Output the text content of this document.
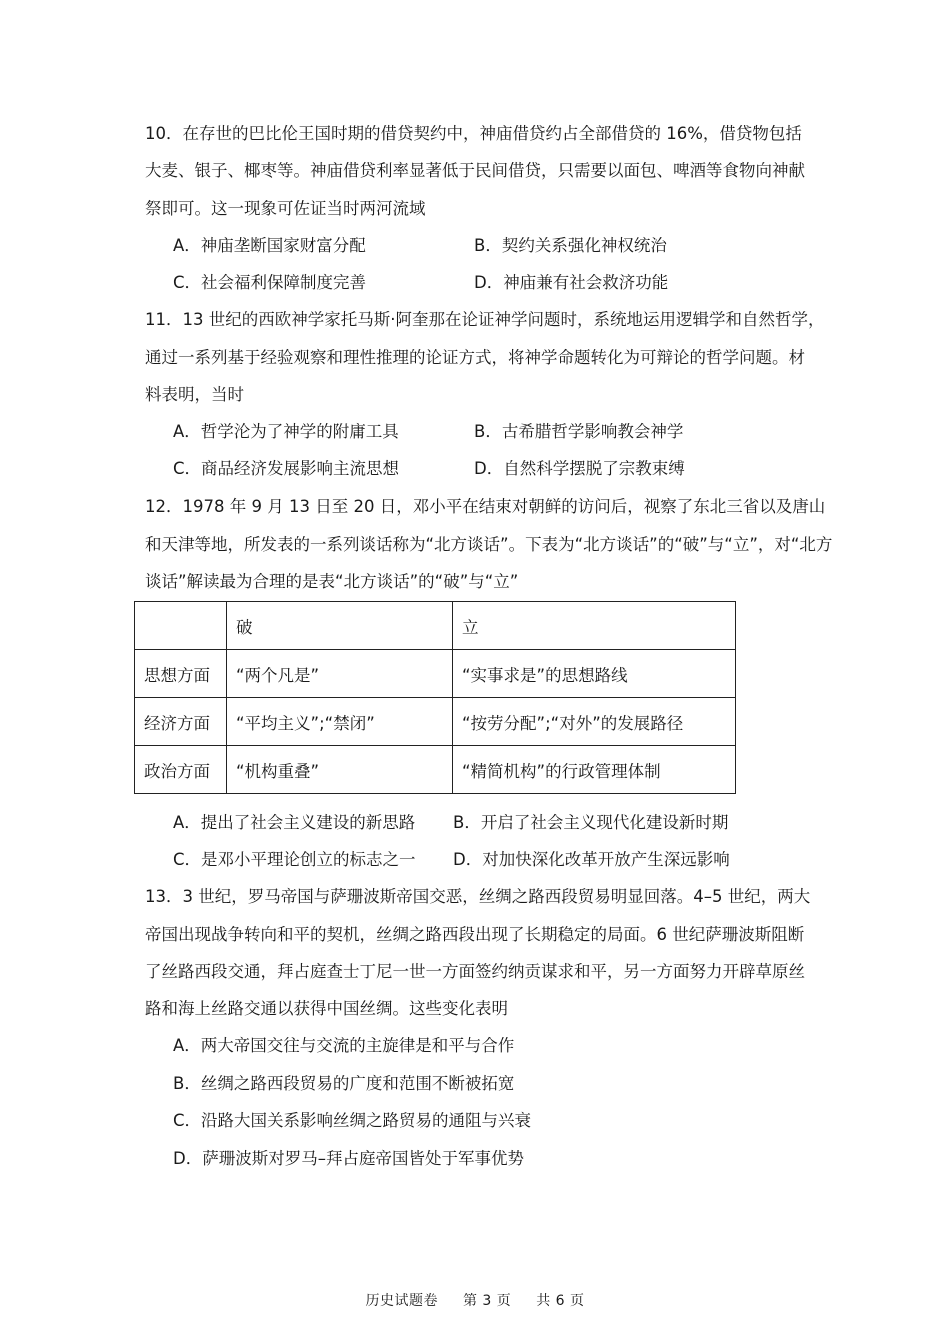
10．在存世的巴比伦王国时期的借贷契约中，神庙借贷约占全部借贷的 16%，借贷物包括
大麦、银子、椰枣等。神庙借贷利率显著低于民间借贷，只需要以面包、啤酒等食物向神献
祭即可。这一现象可佐证当时两河流域
A．神庙垄断国家财富分配	B．契约关系强化神权统治
C．社会福利保障制度完善	D．神庙兼有社会救济功能
11．13 世纪的西欧神学家托马斯·阿奎那在论证神学问题时，系统地运用逻辑学和自然哲学，
通过一系列基于经验观察和理性推理的论证方式，将神学命题转化为可辩论的哲学问题。材
料表明，当时
A．哲学沦为了神学的附庸工具	B．古希腊哲学影响教会神学
C．商品经济发展影响主流思想	D．自然科学摆脱了宗教束缚
12．1978 年 9 月 13 日至 20 日，邓小平在结束对朝鲜的访问后，视察了东北三省以及唐山
和天津等地，所发表的一系列谈话称为“北方谈话”。下表为“北方谈话”的“破”与“立”，对“北方
谈话”解读最为合理的是表“北方谈话”的“破”与“立”
	破	立
思想方面	“两个凡是”	“实事求是”的思想路线
经济方面	“平均主义”;“禁闭”	“按劳分配”;“对外”的发展路径
政治方面	“机构重叠”	“精简机构”的行政管理体制
A．提出了社会主义建设的新思路 B．开启了社会主义现代化建设新时期
C．是邓小平理论创立的标志之一 D．对加快深化改革开放产生深远影响
13．3 世纪，罗马帝国与萨珊波斯帝国交恶，丝绸之路西段贸易明显回落。4–5 世纪，两大
帝国出现战争转向和平的契机，丝绸之路西段出现了长期稳定的局面。6 世纪萨珊波斯阻断
了丝路西段交通，拜占庭查士丁尼一世一方面签约纳贡谋求和平，另一方面努力开辟草原丝
路和海上丝路交通以获得中国丝绸。这些变化表明
A．两大帝国交往与交流的主旋律是和平与合作
B．丝绸之路西段贸易的广度和范围不断被拓宽
C．沿路大国关系影响丝绸之路贸易的通阻与兴衰
D．萨珊波斯对罗马–拜占庭帝国皆处于军事优势
历史试题卷 第 3 页 共 6 页
